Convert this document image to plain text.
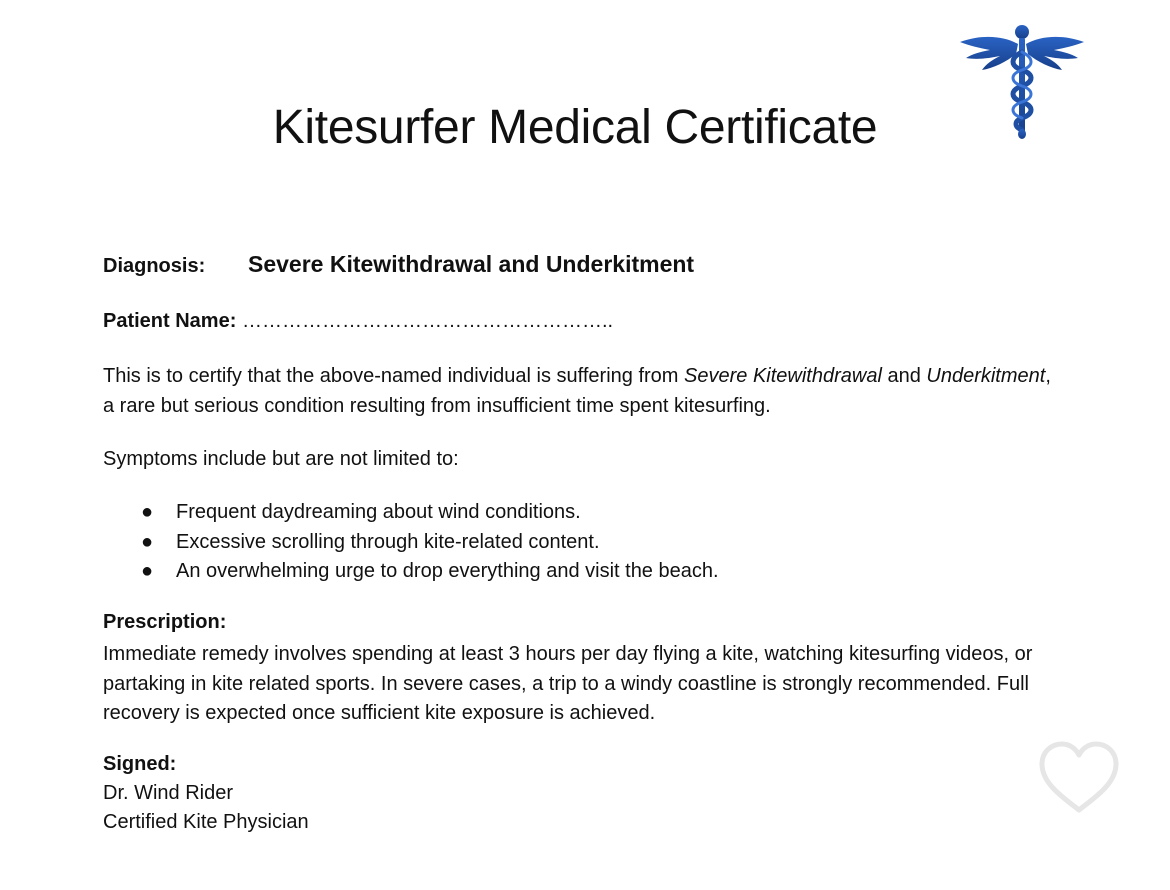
Kitesurfer Medical Certificate
Diagnosis:	Severe Kitewithdrawal and Underkitment
Patient Name: ………………………………………………..

This is to certify that the above-named individual is suffering from Severe Kitewithdrawal and Underkitment, a rare but serious condition resulting from insufficient time spent kitesurfing.

Symptoms include but are not limited to:

● Frequent daydreaming about wind conditions.
● Excessive scrolling through kite-related content.
● An overwhelming urge to drop everything and visit the beach.
Prescription:

Immediate remedy involves spending at least 3 hours per day flying a kite, watching kitesurfing videos, or partaking in kite related sports. In severe cases, a trip to a windy coastline is strongly recommended. Full recovery is expected once sufficient kite exposure is achieved.

Signed:
Dr. Wind Rider
Certified Kite Physician
